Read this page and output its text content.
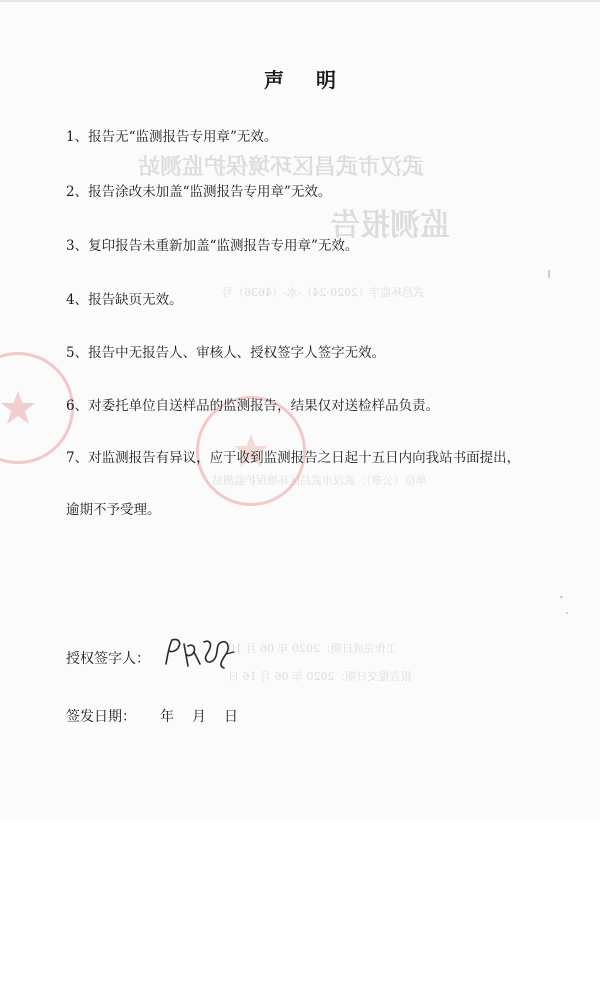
武汉市武昌区环境保护监测站
监测报告
武昌环监字（2020-24）-水-（4636）号
单位（公章）：武汉市武昌区环境保护监测站
工作完成日期：2020 年 06 月 10
报告提交日期：2020 年 06 月 16 日
声 明
1、报告无“监测报告专用章”无效。
2、报告涂改未加盖“监测报告专用章”无效。
3、复印报告未重新加盖“监测报告专用章”无效。
4、报告缺页无效。
5、报告中无报告人、审核人、授权签字人签字无效。
6、对委托单位自送样品的监测报告，结果仅对送检样品负责。
7、对监测报告有异议，应于收到监测报告之日起十五日内向我站书面提出，
逾期不予受理。
授权签字人：
签发日期： 年 月 日
